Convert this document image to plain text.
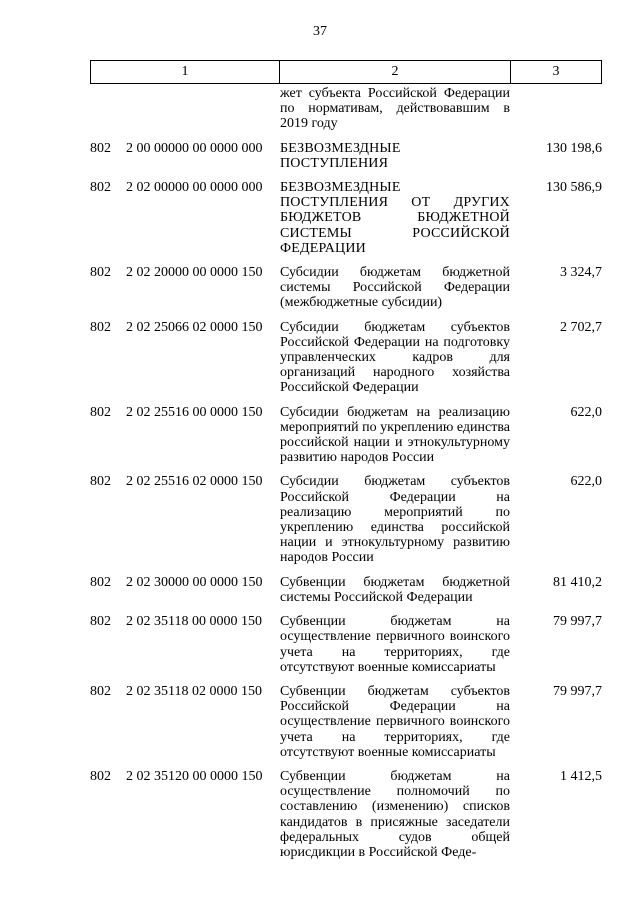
37
1	2	3
	жет субъекта Российской Федерации по нормативам, действовавшим в 2019 году	
802 2 00 00000 00 0000 000	БЕЗВОЗМЕЗДНЫЕ ПОСТУПЛЕНИЯ	130 198,6
802 2 02 00000 00 0000 000	БЕЗВОЗМЕЗДНЫЕ ПОСТУПЛЕНИЯ ОТ ДРУГИХ БЮДЖЕТОВ БЮДЖЕТНОЙ СИСТЕМЫ РОССИЙСКОЙ ФЕДЕРАЦИИ	130 586,9
802 2 02 20000 00 0000 150	Субсидии бюджетам бюджетной системы Российской Федерации (межбюджетные субсидии)	3 324,7
802 2 02 25066 02 0000 150	Субсидии бюджетам субъектов Российской Федерации на подготовку управленческих кадров для организаций народного хозяйства Российской Федерации	2 702,7
802 2 02 25516 00 0000 150	Субсидии бюджетам на реализацию мероприятий по укреплению единства российской нации и этнокультурному развитию народов России	622,0
802 2 02 25516 02 0000 150	Субсидии бюджетам субъектов Российской Федерации на реализацию мероприятий по укреплению единства российской нации и этнокультурному развитию народов России	622,0
802 2 02 30000 00 0000 150	Субвенции бюджетам бюджетной системы Российской Федерации	81 410,2
802 2 02 35118 00 0000 150	Субвенции бюджетам на осуществление первичного воинского учета на территориях, где отсутствуют военные комиссариаты	79 997,7
802 2 02 35118 02 0000 150	Субвенции бюджетам субъектов Российской Федерации на осуществление первичного воинского учета на территориях, где отсутствуют военные комиссариаты	79 997,7
802 2 02 35120 00 0000 150	Субвенции бюджетам на осуществление полномочий по составлению (изменению) списков кандидатов в присяжные заседатели федеральных судов общей юрисдикции в Российской Феде-	1 412,5
